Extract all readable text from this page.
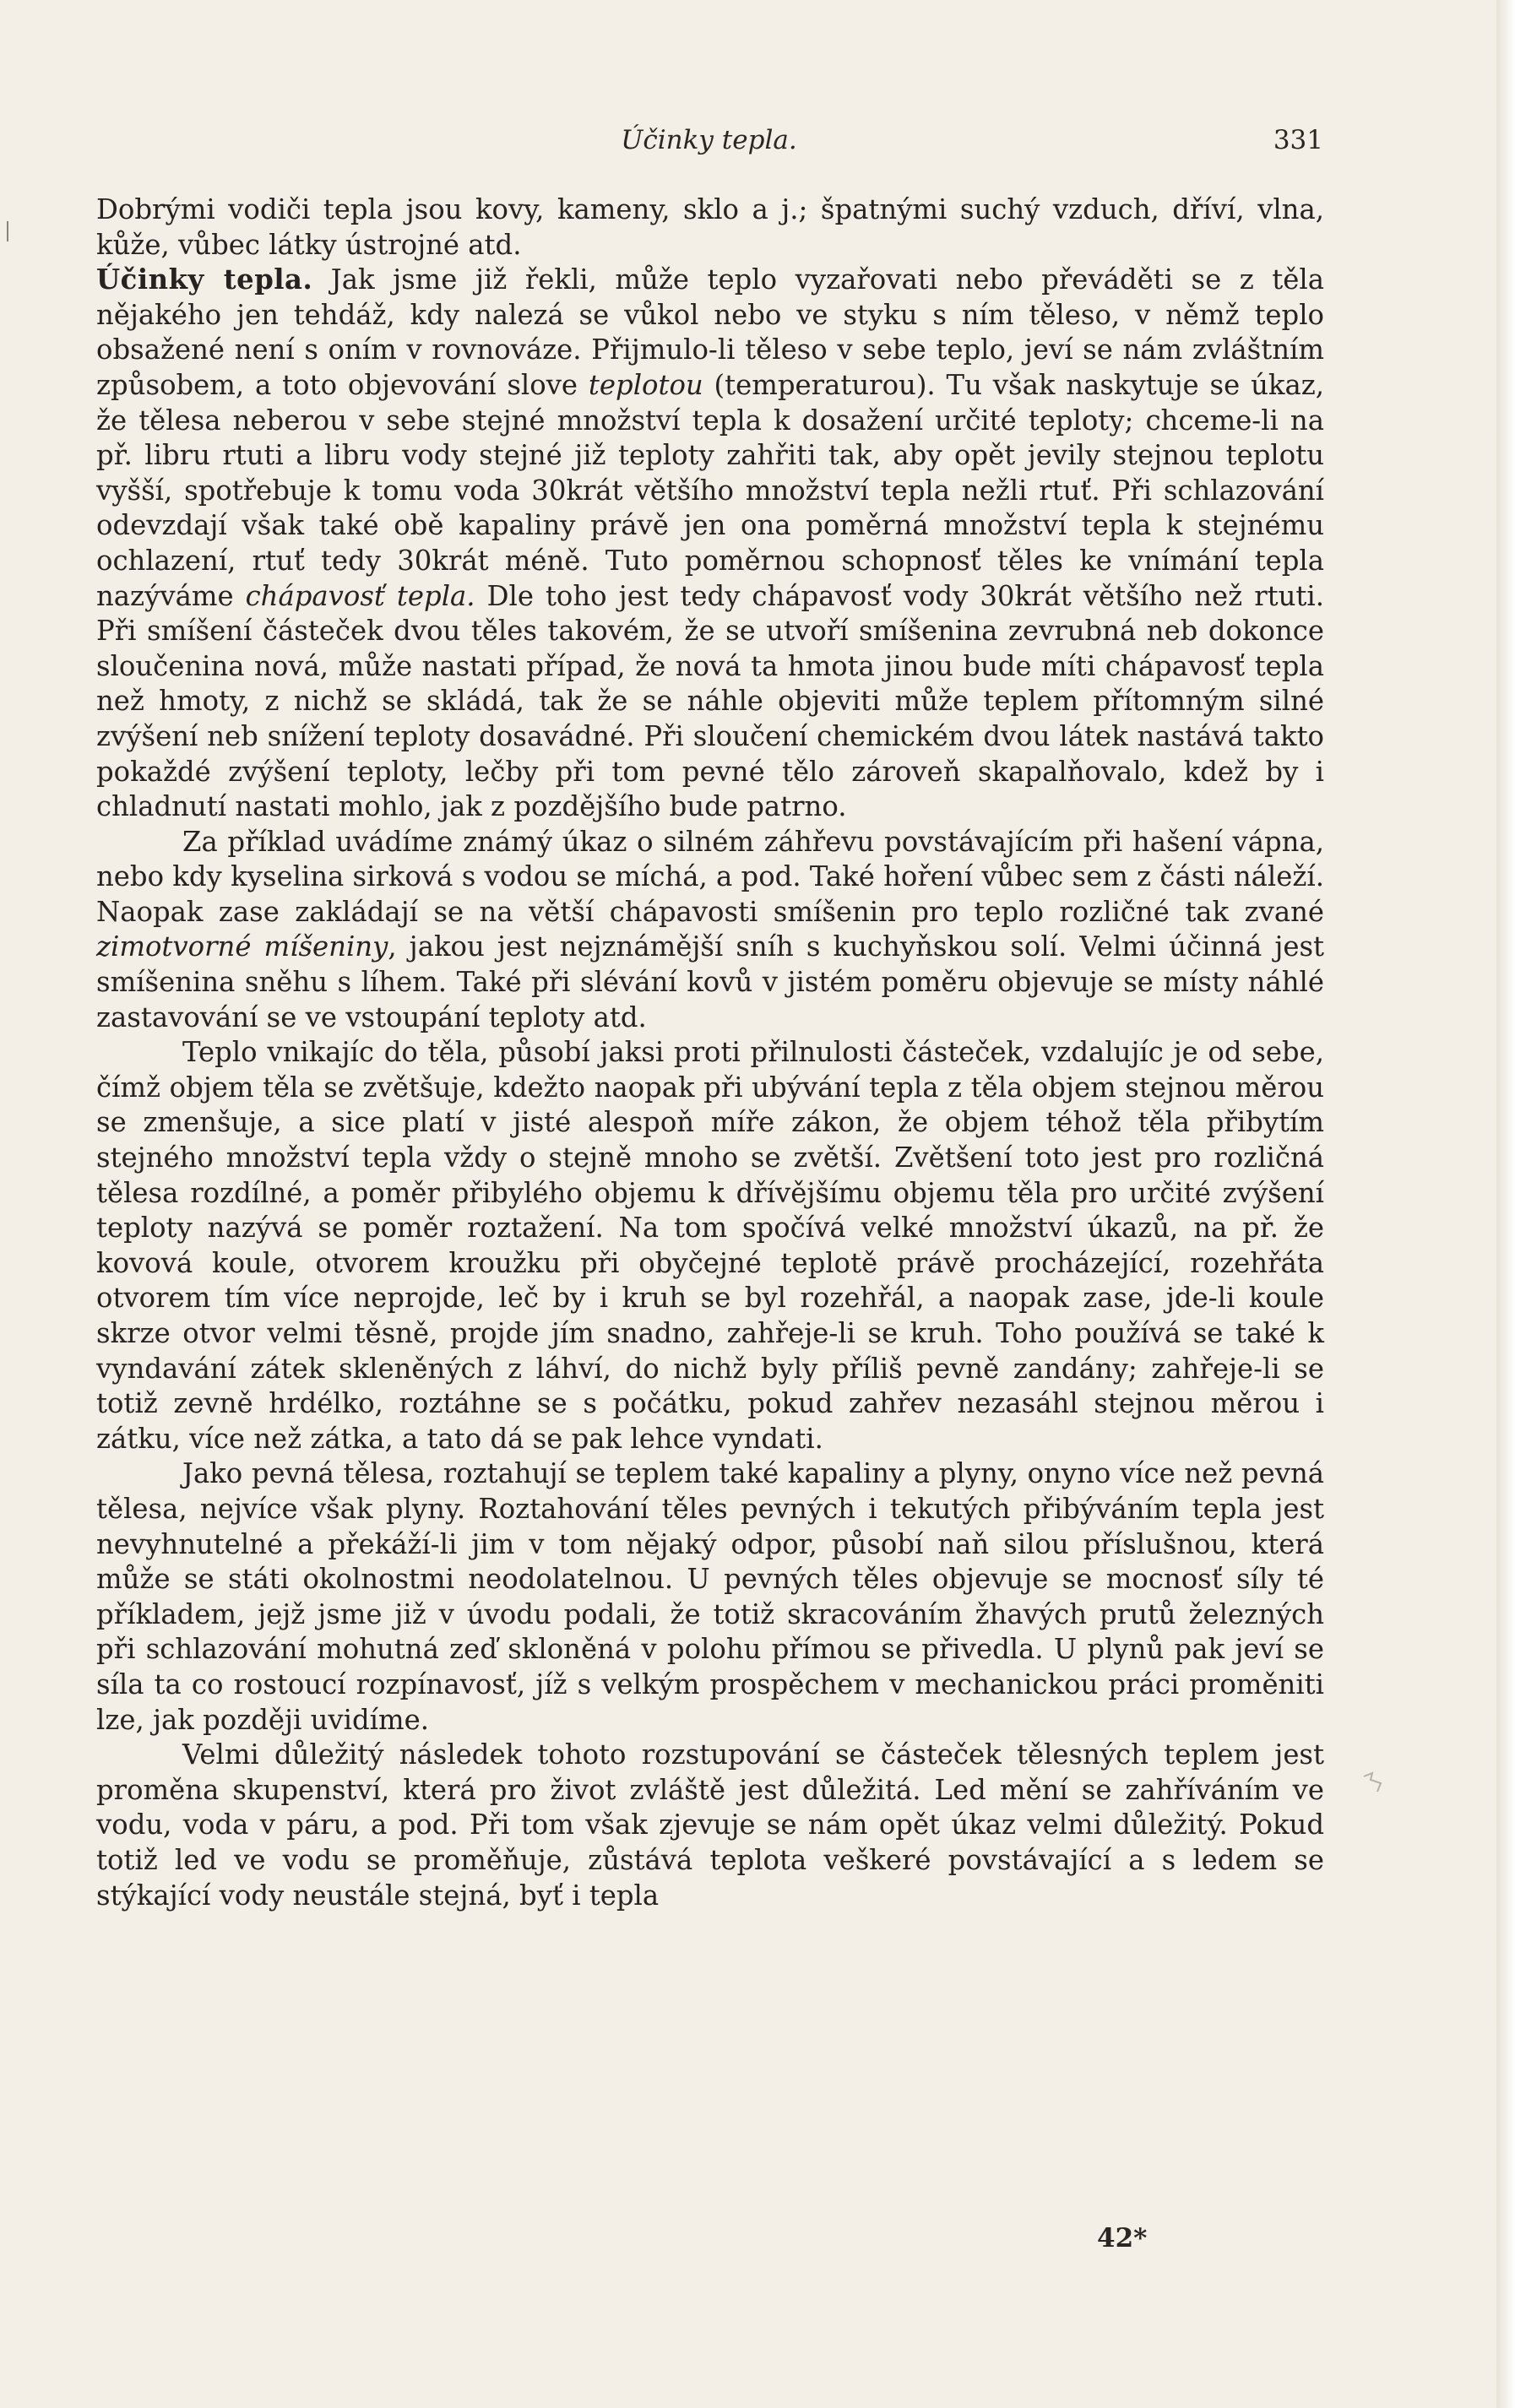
Účinky tepla.	331

Dobrými vodiči tepla jsou kovy, kameny, sklo a j.; špatnými suchý vzduch, dříví, vlna, kůže, vůbec látky ústrojné atd.

Účinky tepla. Jak jsme již řekli, může teplo vyzařovati nebo převáděti se z těla nějakého jen tehdáž, kdy nalezá se vůkol nebo ve styku s ním těleso, v němž teplo obsažené není s oním v rovnováze. Přijmulo-li těleso v sebe teplo, jeví se nám zvláštním způsobem, a toto objevování slove teplotou (temperaturou). Tu však naskytuje se úkaz, že tělesa neberou v sebe stejné množství tepla k dosažení určité teploty; chceme-li na př. libru rtuti a libru vody stejné již teploty zahřiti tak, aby opět jevily stejnou teplotu vyšší, spotřebuje k tomu voda 30krát většího množství tepla nežli rtuť. Při schlazování odevzdají však také obě kapaliny právě jen ona poměrná množství tepla k stejnému ochlazení, rtuť tedy 30krát méně. Tuto poměrnou schopnosť těles ke vnímání tepla nazýváme chápavosť tepla. Dle toho jest tedy chápavosť vody 30krát většího než rtuti. Při smíšení částeček dvou těles takovém, že se utvoří smíšenina zevrubná neb dokonce sloučenina nová, může nastati případ, že nová ta hmota jinou bude míti chápavosť tepla než hmoty, z nichž se skládá, tak že se náhle objeviti může teplem přítomným silné zvýšení neb snížení teploty dosavádné. Při sloučení chemickém dvou látek nastává takto pokaždé zvýšení teploty, lečby při tom pevné tělo zároveň skapalňovalo, kdež by i chladnutí nastati mohlo, jak z pozdějšího bude patrno.

Za příklad uvádíme známý úkaz o silném záhřevu povstávajícím při hašení vápna, nebo kdy kyselina sirková s vodou se míchá, a pod. Také hoření vůbec sem z části náleží. Naopak zase zakládají se na větší chápavosti smíšenin pro teplo rozličné tak zvané zimotvorné míšeniny, jakou jest nejznámější sníh s kuchyňskou solí. Velmi účinná jest smíšenina sněhu s líhem. Také při slévání kovů v jistém poměru objevuje se místy náhlé zastavování se ve vstoupání teploty atd.

Teplo vnikajíc do těla, působí jaksi proti přilnulosti částeček, vzdalujíc je od sebe, čímž objem těla se zvětšuje, kdežto naopak při ubývání tepla z těla objem stejnou měrou se zmenšuje, a sice platí v jisté alespoň míře zákon, že objem téhož těla přibytím stejného množství tepla vždy o stejně mnoho se zvětší. Zvětšení toto jest pro rozličná tělesa rozdílné, a poměr přibylého objemu k dřívějšímu objemu těla pro určité zvýšení teploty nazývá se poměr roztažení. Na tom spočívá velké množství úkazů, na př. že kovová koule, otvorem kroužku při obyčejné teplotě právě procházející, rozehřáta otvorem tím více neprojde, leč by i kruh se byl rozehřál, a naopak zase, jde-li koule skrze otvor velmi těsně, projde jím snadno, zahřeje-li se kruh. Toho používá se také k vyndavání zátek skleněných z láhví, do nichž byly příliš pevně zandány; zahřeje-li se totiž zevně hrdélko, roztáhne se s počátku, pokud zahřev nezasáhl stejnou měrou i zátku, více než zátka, a tato dá se pak lehce vyndati.

Jako pevná tělesa, roztahují se teplem také kapaliny a plyny, onyno více než pevná tělesa, nejvíce však plyny. Roztahování těles pevných i tekutých přibýváním tepla jest nevyhnutelné a překáží-li jim v tom nějaký odpor, působí naň silou příslušnou, která může se státi okolnostmi neodolatelnou. U pevných těles objevuje se mocnosť síly té příkladem, jejž jsme již v úvodu podali, že totiž skracováním žhavých prutů železných při schlazování mohutná zeď skloněná v polohu přímou se přivedla. U plynů pak jeví se síla ta co rostoucí rozpínavosť, jíž s velkým prospěchem v mechanickou práci proměniti lze, jak později uvidíme.

Velmi důležitý následek tohoto rozstupování se částeček tělesných teplem jest proměna skupenství, která pro život zvláště jest důležitá. Led mění se zahříváním ve vodu, voda v páru, a pod. Při tom však zjevuje se nám opět úkaz velmi důležitý. Pokud totiž led ve vodu se proměňuje, zůstává teplota veškeré povstávající a s ledem se stýkající vody neustále stejná, byť i tepla

42*
